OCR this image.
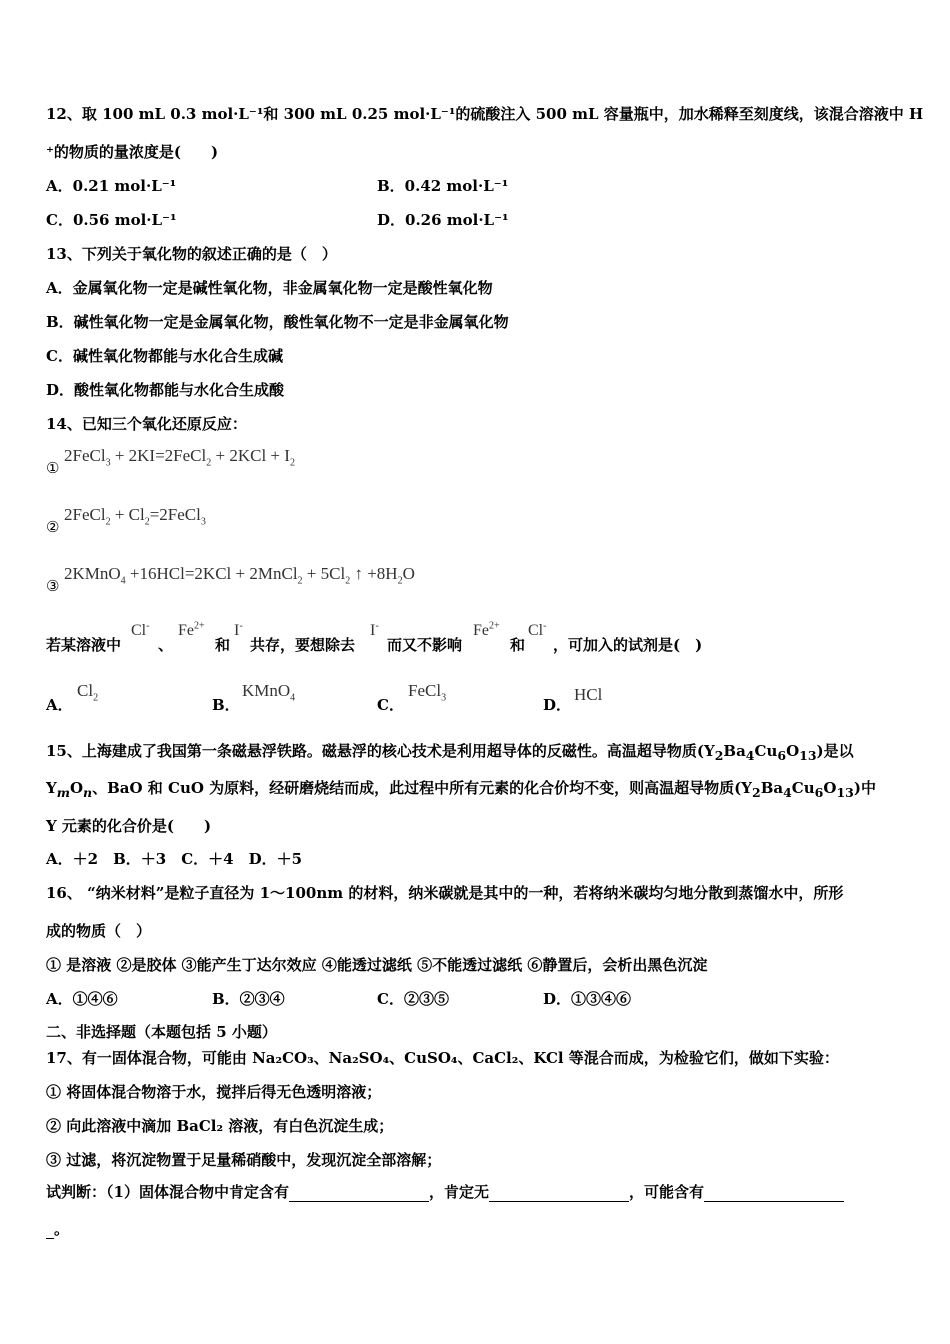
12、取 100 mL 0.3 mol·L⁻¹和 300 mL 0.25 mol·L⁻¹的硫酸注入 500 mL 容量瓶中，加水稀释至刻度线，该混合溶液中 H
⁺的物质的量浓度是(　　)
A．0.21 mol·L⁻¹	B．0.42 mol·L⁻¹
C．0.56 mol·L⁻¹	D．0.26 mol·L⁻¹
13、下列关于氧化物的叙述正确的是（　）
A．金属氧化物一定是碱性氧化物，非金属氧化物一定是酸性氧化物
B．碱性氧化物一定是金属氧化物，酸性氧化物不一定是非金属氧化物
C．碱性氧化物都能与水化合生成碱
D．酸性氧化物都能与水化合生成酸
14、已知三个氧化还原反应：
①
2FeCl$_3$ + 2KI=2FeCl$_2$ + $2KCl + I_2$
②
2FeCl$_2$ + $Cl_2=2FeCl_3$
③
2KMnO$_4$ +16HCl=2KCl + 2MnCl$_2$ + $5Cl_2$ ↑ $+8H_2O$
若某溶液中
Cl-
、
$Fe^{2+}$
和
I-
共存，要想除去
I-
而又不影响
$Fe^{2+}$
和
Cl-
，可加入的试剂是(　)
A．
$Cl_2$	B．
KMnO$_4$	C．
FeCl$_3$	D．
HCl
15、上海建成了我国第一条磁悬浮铁路。磁悬浮的核心技术是利用超导体的反磁性。高温超导物质$(Y_2Ba_4Cu_6O_{13})$是以
$Y_mO_n$、BaO 和 CuO 为原料，经研磨烧结而成，此过程中所有元素的化合价均不变，则高温超导物质$(Y_2Ba_4Cu_6O_{13})$中
Y 元素的化合价是(　　)
A．＋2　B．＋3　C．＋4　D．＋5
16、 “纳米材料”是粒子直径为 1～100nm 的材料，纳米碳就是其中的一种，若将纳米碳均匀地分散到蒸馏水中，所形
成的物质（　）
① 是溶液 ②是胶体 ③能产生丁达尔效应 ④能透过滤纸 ⑤不能透过滤纸 ⑥静置后，会析出黑色沉淀
A．①④⑥	B．②③④	C．②③⑤	D．①③④⑥
二、非选择题（本题包括 5 小题）
17、有一固体混合物，可能由 Na₂CO₃、Na₂SO₄、CuSO₄、CaCl₂、KCl 等混合而成，为检验它们，做如下实验：
① 将固体混合物溶于水，搅拌后得无色透明溶液；
② 向此溶液中滴加 BaCl₂ 溶液，有白色沉淀生成；
③ 过滤，将沉淀物置于足量稀硝酸中，发现沉淀全部溶解；
试判断：（1）固体混合物中肯定含有	，肯定无	，可能含有
。
